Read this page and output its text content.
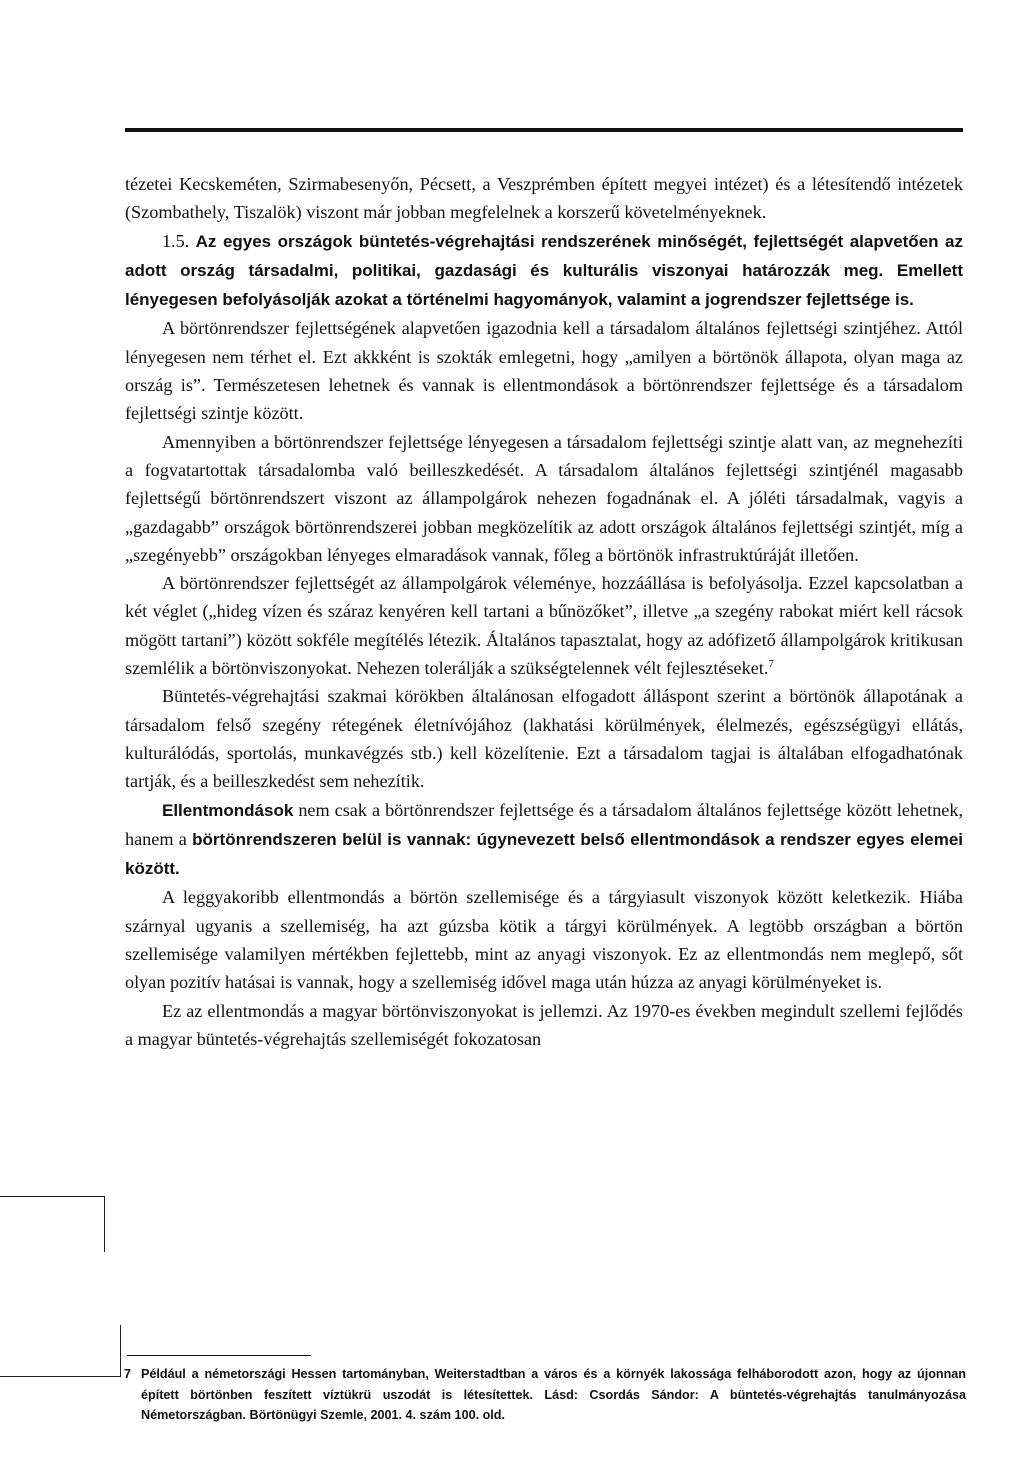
tézetei Kecskeméten, Szirmabesenyőn, Pécsett, a Veszprémben épített megyei intézet) és a létesítendő intézetek (Szombathely, Tiszalök) viszont már jobban megfelelnek a korszerű követelményeknek.

1.5. Az egyes országok büntetés-végrehajtási rendszerének minőségét, fejlettségét alapvetően az adott ország társadalmi, politikai, gazdasági és kulturális viszonyai határozzák meg. Emellett lényegesen befolyásolják azokat a történelmi hagyományok, valamint a jogrendszer fejlettsége is.

A börtönrendszer fejlettségének alapvetően igazodnia kell a társadalom általános fejlettségi szintjéhez. Attól lényegesen nem térhet el. Ezt akkként is szokták emlegetni, hogy „amilyen a börtönök állapota, olyan maga az ország is”. Természetesen lehetnek és vannak is ellentmondások a börtönrendszer fejlettsége és a társadalom fejlettségi szintje között.

Amennyiben a börtönrendszer fejlettsége lényegesen a társadalom fejlettségi szintje alatt van, az megnehezíti a fogvatartottak társadalomba való beilleszkedését. A társadalom általános fejlettségi szintjénél magasabb fejlettségű börtönrendszert viszont az állampolgárok nehezen fogadnának el. A jóléti társadalmak, vagyis a „gazdagabb” országok börtönrendszerei jobban megközelítik az adott országok általános fejlettségi szintjét, míg a „szegényebb” országokban lényeges elmaradások vannak, főleg a börtönök infrastruktúráját illetően.

A börtönrendszer fejlettségét az állampolgárok véleménye, hozzáállása is befolyásolja. Ezzel kapcsolatban a két véglet („hideg vízen és száraz kenyéren kell tartani a bűnözőket”, illetve „a szegény rabokat miért kell rácsok mögött tartani”) között sokféle megítélés létezik. Általános tapasztalat, hogy az adófizető állampolgárok kritikusan szemlélik a börtönviszonyokat. Nehezen tolerálják a szükségtelennek vélt fejlesztéseket.$^7$

Büntetés-végrehajtási szakmai körökben általánosan elfogadott álláspont szerint a börtönök állapotának a társadalom felső szegény rétegének életnívójához (lakhatási körülmények, élelmezés, egészségügyi ellátás, kulturálódás, sportolás, munkavégzés stb.) kell közelítenie. Ezt a társadalom tagjai is általában elfogadhatónak tartják, és a beilleszkedést sem nehezítik.

Ellentmondások nem csak a börtönrendszer fejlettsége és a társadalom általános fejlettsége között lehetnek, hanem a börtönrendszeren belül is vannak: úgynevezett belső ellentmondások a rendszer egyes elemei között.

A leggyakoribb ellentmondás a börtön szellemisége és a tárgyiasult viszonyok között keletkezik. Hiába szárnyal ugyanis a szellemiség, ha azt gúzsba kötik a tárgyi körülmények. A legtöbb országban a börtön szellemisége valamilyen mértékben fejlettebb, mint az anyagi viszonyok. Ez az ellentmondás nem meglepő, sőt olyan pozitív hatásai is vannak, hogy a szellemiség idővel maga után húzza az anyagi körülményeket is.

Ez az ellentmondás a magyar börtönviszonyokat is jellemzi. Az 1970-es években megindult szellemi fejlődés a magyar büntetés-végrehajtás szellemiségét fokozatosan

7 Például a németországi Hessen tartományban, Weiterstadtban a város és a környék lakossága felháborodott azon, hogy az újonnan épített börtönben feszített víztükrü uszodát is létesítettek. Lásd: Csordás Sándor: A büntetés-végrehajtás tanulmányozása Németországban. Börtönügyi Szemle, 2001. 4. szám 100. old.
